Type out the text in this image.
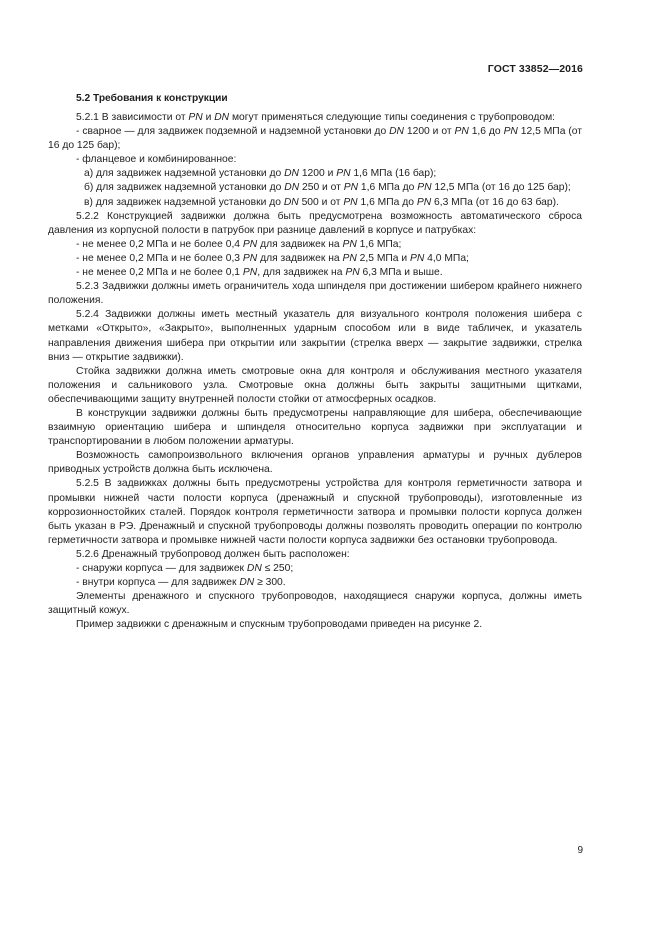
ГОСТ 33852—2016
5.2 Требования к конструкции

5.2.1 В зависимости от PN и DN могут применяться следующие типы соединения с трубопроводом:

- сварное — для задвижек подземной и надземной установки до DN 1200 и от PN 1,6 до PN 12,5 МПа (от 16 до 125 бар);

- фланцевое и комбинированное:

а) для задвижек надземной установки до DN 1200 и PN 1,6 МПа (16 бар);

б) для задвижек надземной установки до DN 250 и от PN 1,6 МПа до PN 12,5 МПа (от 16 до 125 бар);

в) для задвижек надземной установки до DN 500 и от PN 1,6 МПа до PN 6,3 МПа (от 16 до 63 бар).

5.2.2 Конструкцией задвижки должна быть предусмотрена возможность автоматического сброса давления из корпусной полости в патрубок при разнице давлений в корпусе и патрубках:

- не менее 0,2 МПа и не более 0,4 PN для задвижек на PN 1,6 МПа;

- не менее 0,2 МПа и не более 0,3 PN для задвижек на PN 2,5 МПа и PN 4,0 МПа;

- не менее 0,2 МПа и не более 0,1 PN, для задвижек на PN 6,3 МПа и выше.

5.2.3 Задвижки должны иметь ограничитель хода шпинделя при достижении шибером крайнего нижнего положения.

5.2.4 Задвижки должны иметь местный указатель для визуального контроля положения шибера с метками «Открыто», «Закрыто», выполненных ударным способом или в виде табличек, и указатель направления движения шибера при открытии или закрытии (стрелка вверх — закрытие задвижки, стрелка вниз — открытие задвижки).

Стойка задвижки должна иметь смотровые окна для контроля и обслуживания местного указателя положения и сальникового узла. Смотровые окна должны быть закрыты защитными щитками, обеспечивающими защиту внутренней полости стойки от атмосферных осадков.

В конструкции задвижки должны быть предусмотрены направляющие для шибера, обеспечивающие взаимную ориентацию шибера и шпинделя относительно корпуса задвижки при эксплуатации и транспортировании в любом положении арматуры.

Возможность самопроизвольного включения органов управления арматуры и ручных дублеров приводных устройств должна быть исключена.

5.2.5 В задвижках должны быть предусмотрены устройства для контроля герметичности затвора и промывки нижней части полости корпуса (дренажный и спускной трубопроводы), изготовленные из коррозионностойких сталей. Порядок контроля герметичности затвора и промывки полости корпуса должен быть указан в РЭ. Дренажный и спускной трубопроводы должны позволять проводить операции по контролю герметичности затвора и промывке нижней части полости корпуса задвижки без остановки трубопровода.

5.2.6 Дренажный трубопровод должен быть расположен:

- снаружи корпуса — для задвижек DN ≤ 250;

- внутри корпуса — для задвижек DN ≥ 300.

Элементы дренажного и спускного трубопроводов, находящиеся снаружи корпуса, должны иметь защитный кожух.

Пример задвижки с дренажным и спускным трубопроводами приведен на рисунке 2.

9
